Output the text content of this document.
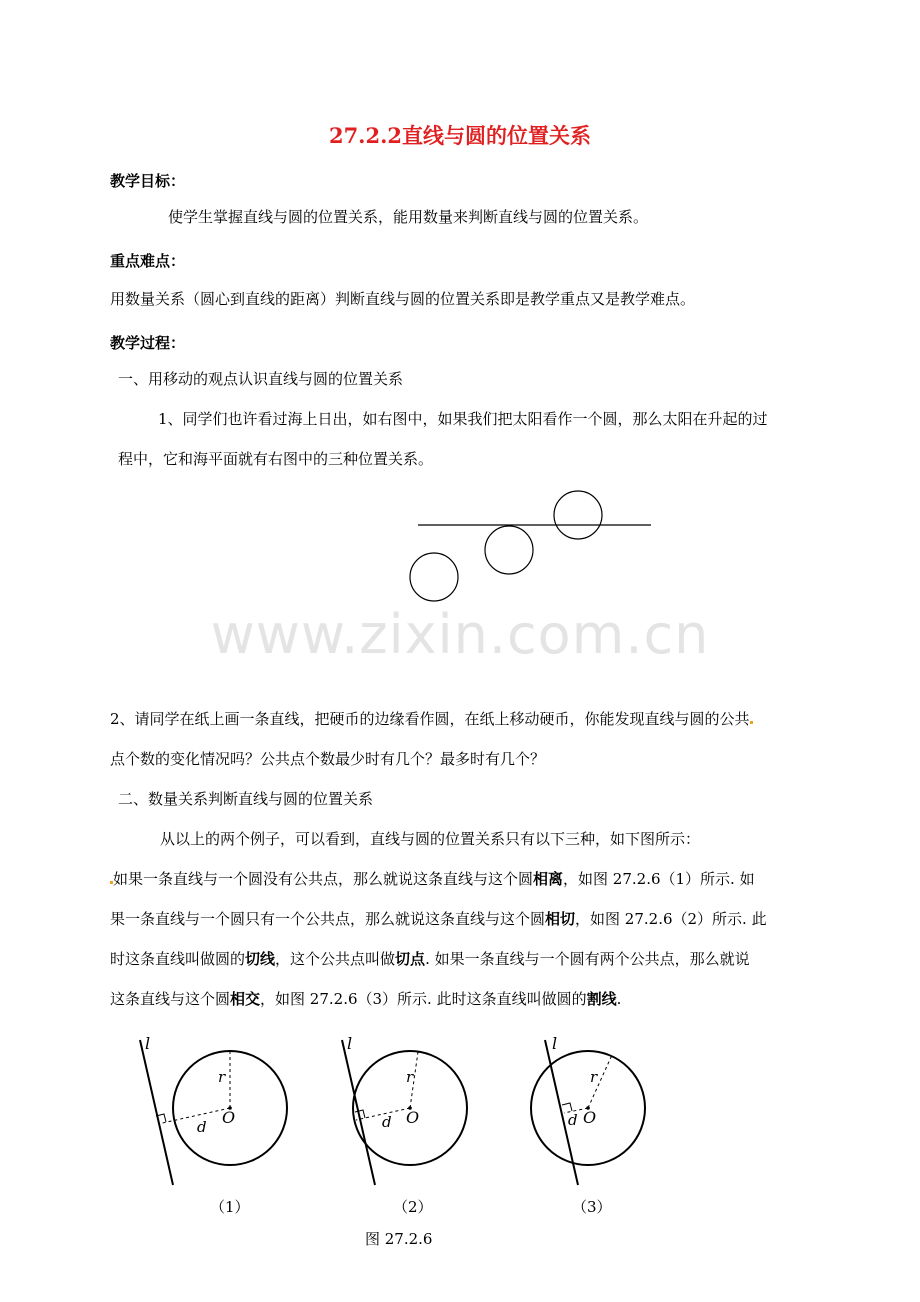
27.2.2直线与圆的位置关系
教学目标：
使学生掌握直线与圆的位置关系，能用数量来判断直线与圆的位置关系。
重点难点：
用数量关系（圆心到直线的距离）判断直线与圆的位置关系即是教学重点又是教学难点。
教学过程：
一、用移动的观点认识直线与圆的位置关系
1、同学们也许看过海上日出，如右图中，如果我们把太阳看作一个圆，那么太阳在升起的过
程中，它和海平面就有右图中的三种位置关系。
www.zixin.com.cn
2、请同学在纸上画一条直线，把硬币的边缘看作圆，在纸上移动硬币，你能发现直线与圆的公共
点个数的变化情况吗？公共点个数最少时有几个？最多时有几个？
二、数量关系判断直线与圆的位置关系
从以上的两个例子，可以看到，直线与圆的位置关系只有以下三种，如下图所示：
如果一条直线与一个圆没有公共点，那么就说这条直线与这个圆相离，如图 27.2.6（1）所示. 如
果一条直线与一个圆只有一个公共点，那么就说这条直线与这个圆相切，如图 27.2.6（2）所示. 此
时这条直线叫做圆的切线，这个公共点叫做切点. 如果一条直线与一个圆有两个公共点，那么就说
这条直线与这个圆相交，如图 27.2.6（3）所示. 此时这条直线叫做圆的割线.
l
r
O
d
l
r
O
d
l
r
O
d
（1）	（2）	（3）
图 27.2.6
